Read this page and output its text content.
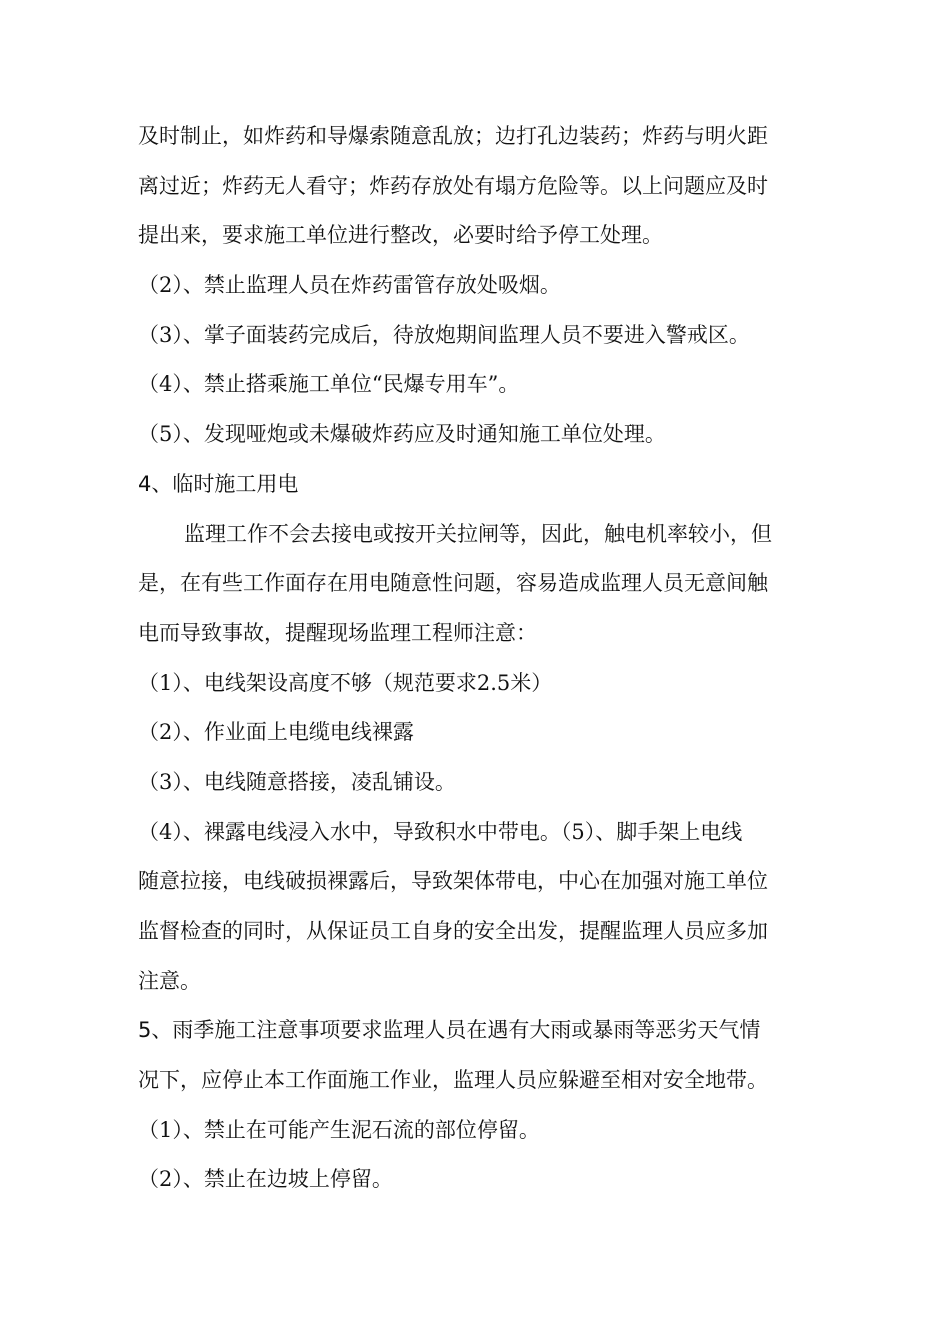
及时制止，如炸药和导爆索随意乱放；边打孔边装药；炸药与明火距

离过近；炸药无人看守；炸药存放处有塌方危险等。以上问题应及时

提出来，要求施工单位进行整改，必要时给予停工处理。

（2）、禁止监理人员在炸药雷管存放处吸烟。

（3）、掌子面装药完成后，待放炮期间监理人员不要进入警戒区。

（4）、禁止搭乘施工单位“民爆专用车”。

（5）、发现哑炮或未爆破炸药应及时通知施工单位处理。

4、临时施工用电

监理工作不会去接电或按开关拉闸等，因此，触电机率较小，但

是，在有些工作面存在用电随意性问题，容易造成监理人员无意间触

电而导致事故，提醒现场监理工程师注意：

（1）、电线架设高度不够（规范要求2.5米）

（2）、作业面上电缆电线裸露

（3）、电线随意搭接，凌乱铺设。

（4）、裸露电线浸入水中，导致积水中带电。（5）、脚手架上电线

随意拉接，电线破损裸露后，导致架体带电，中心在加强对施工单位

监督检查的同时，从保证员工自身的安全出发，提醒监理人员应多加

注意。

5、雨季施工注意事项要求监理人员在遇有大雨或暴雨等恶劣天气情

况下，应停止本工作面施工作业，监理人员应躲避至相对安全地带。

（1）、禁止在可能产生泥石流的部位停留。

（2）、禁止在边坡上停留。
